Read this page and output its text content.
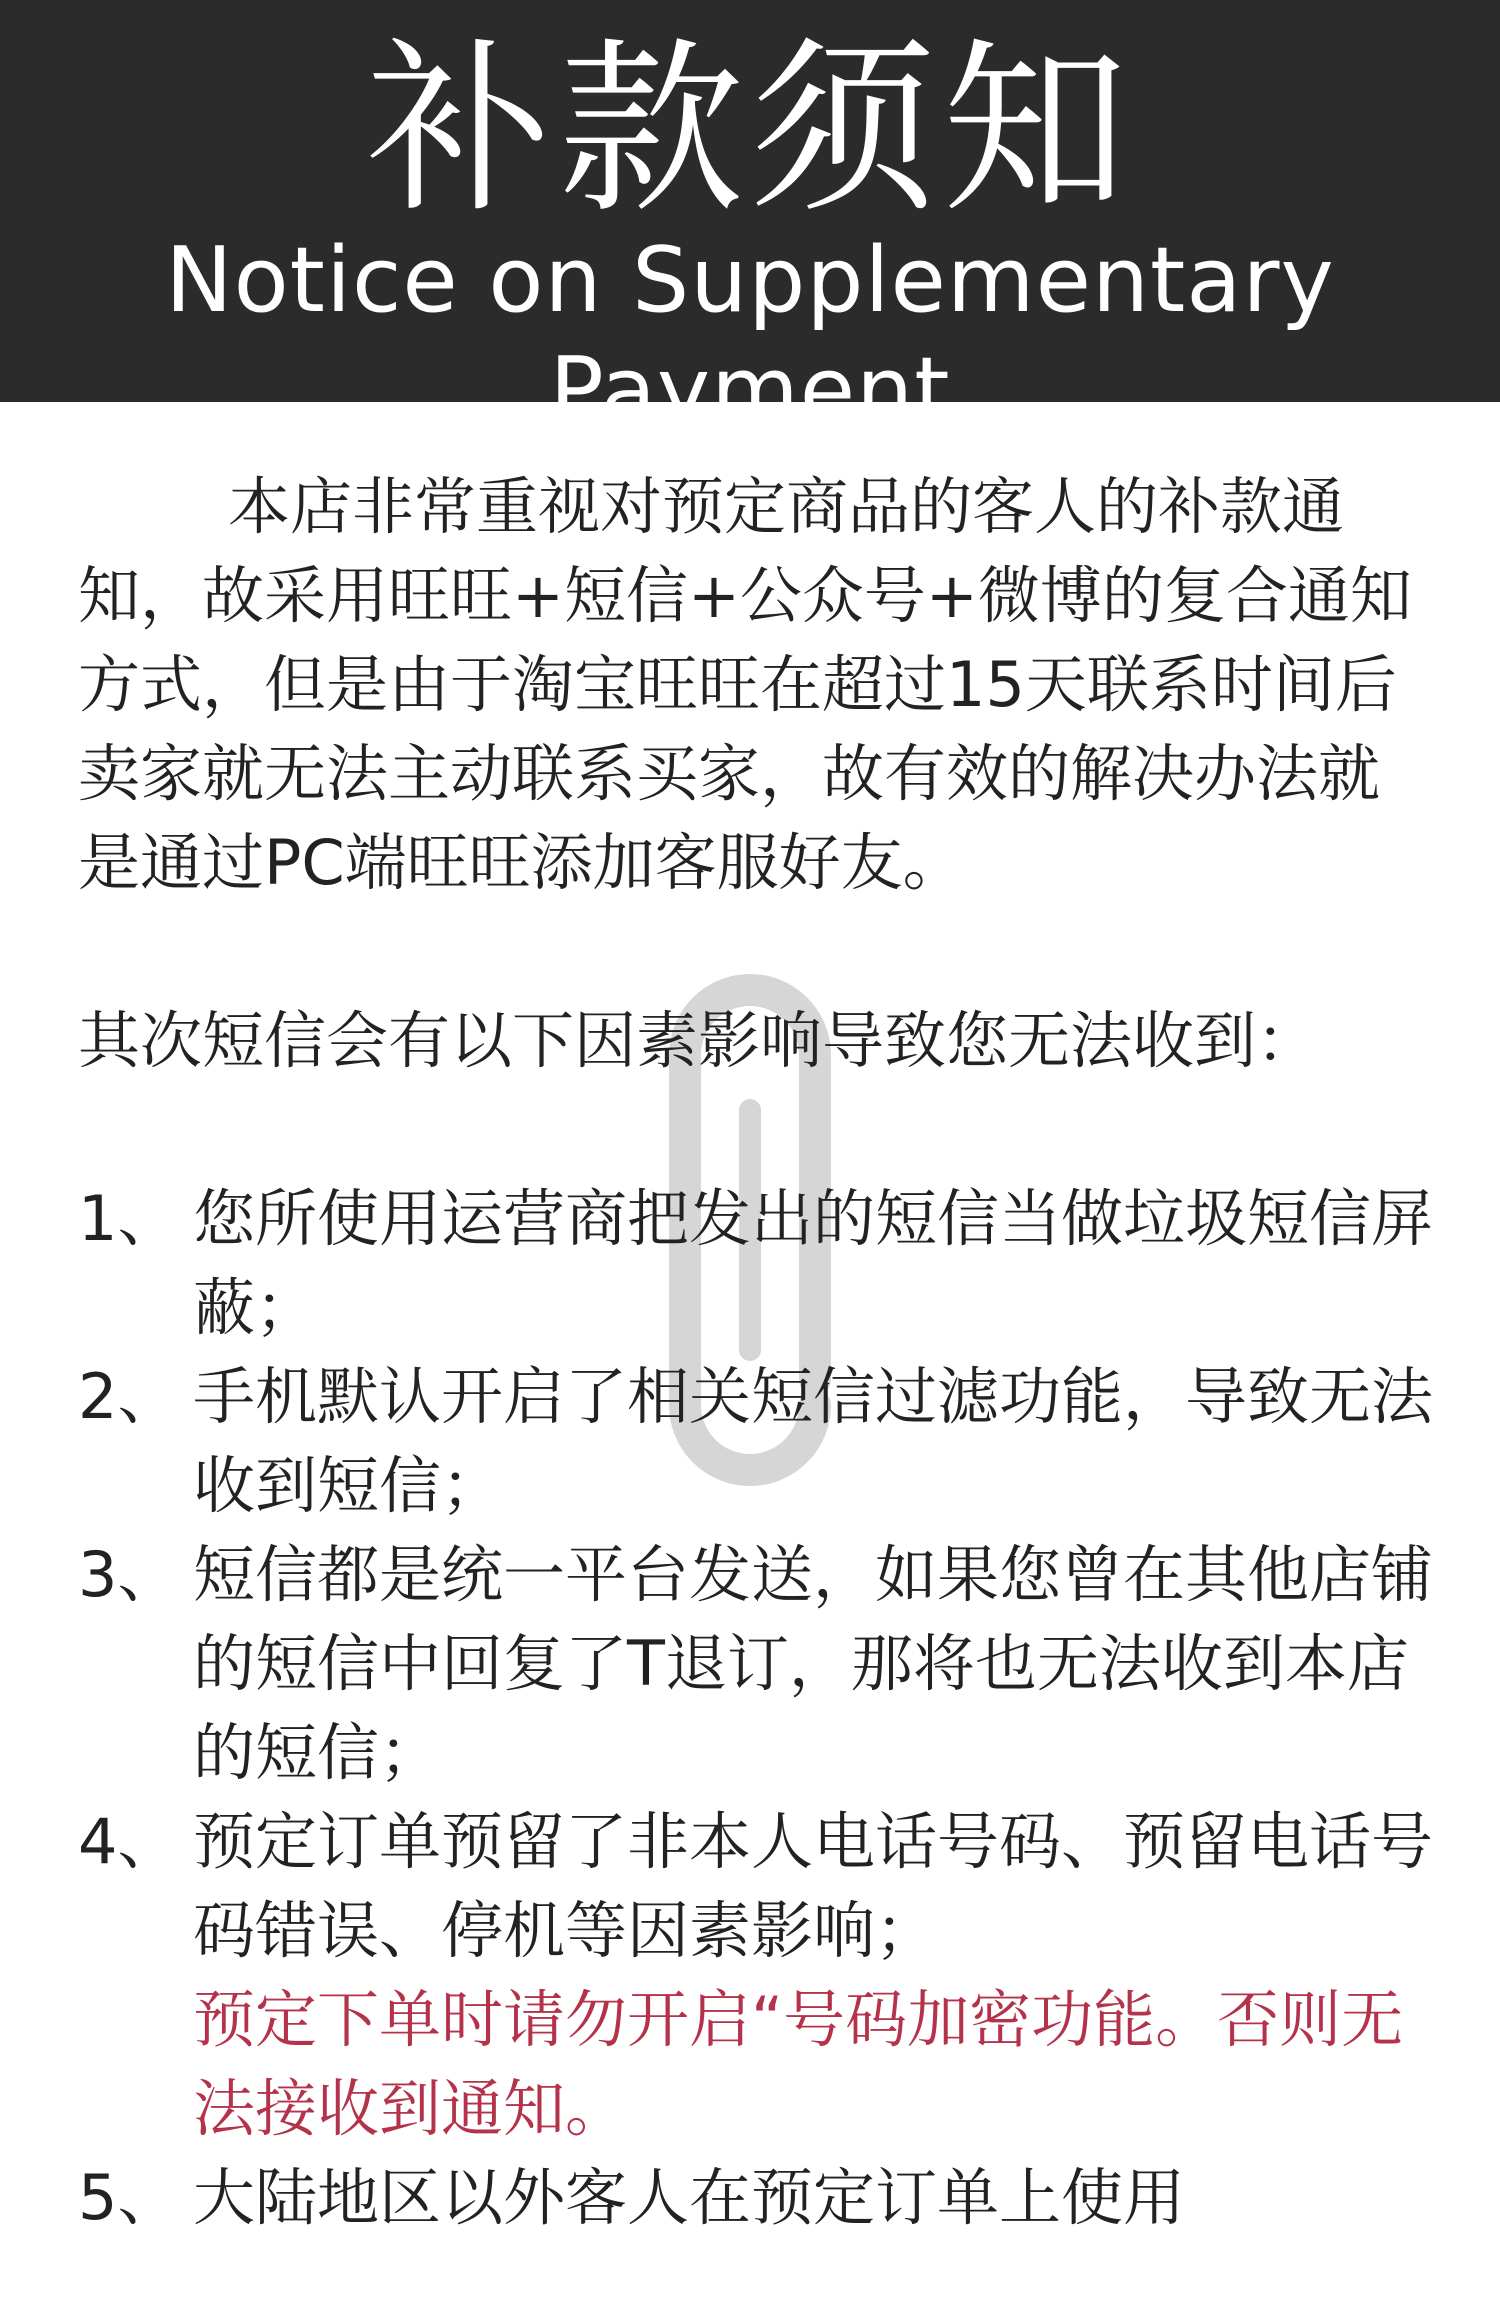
补款须知
Notice on Supplementary Payment

本店非常重视对预定商品的客人的补款通知，故采用旺旺+短信+公众号+微博的复合通知方式，但是由于淘宝旺旺在超过15天联系时间后卖家就无法主动联系买家，故有效的解决办法就是通过PC端旺旺添加客服好友。

其次短信会有以下因素影响导致您无法收到：

1、 您所使用运营商把发出的短信当做垃圾短信屏蔽；
2、 手机默认开启了相关短信过滤功能，导致无法收到短信；
3、 短信都是统一平台发送，如果您曾在其他店铺的短信中回复了T退订，那将也无法收到本店的短信；
4、 预定订单预留了非本人电话号码、预留电话号码错误、停机等因素影响；
预定下单时请勿开启“号码加密功能。否则无法接收到通知。
5、 大陆地区以外客人在预定订单上使用
